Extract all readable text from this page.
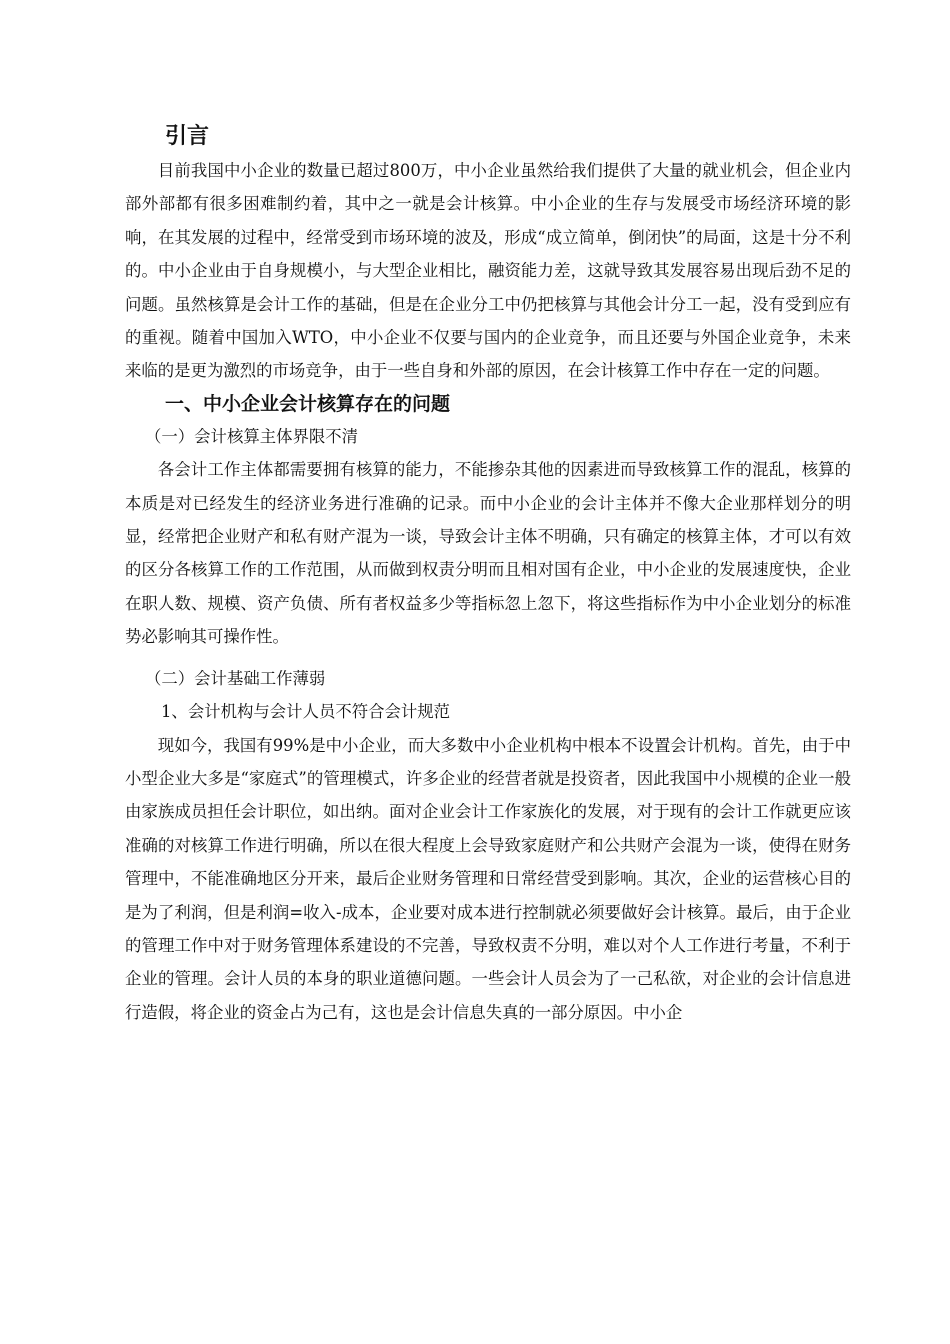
引言

目前我国中小企业的数量已超过800万，中小企业虽然给我们提供了大量的就业机会，但企业内部外部都有很多困难制约着，其中之一就是会计核算。中小企业的生存与发展受市场经济环境的影响，在其发展的过程中，经常受到市场环境的波及，形成“成立简单，倒闭快”的局面，这是十分不利的。中小企业由于自身规模小，与大型企业相比，融资能力差，这就导致其发展容易出现后劲不足的问题。虽然核算是会计工作的基础，但是在企业分工中仍把核算与其他会计分工一起，没有受到应有的重视。随着中国加入WTO，中小企业不仅要与国内的企业竞争，而且还要与外国企业竞争，未来来临的是更为激烈的市场竞争，由于一些自身和外部的原因，在会计核算工作中存在一定的问题。

一、中小企业会计核算存在的问题
（一）会计核算主体界限不清

各会计工作主体都需要拥有核算的能力，不能掺杂其他的因素进而导致核算工作的混乱，核算的本质是对已经发生的经济业务进行准确的记录。而中小企业的会计主体并不像大企业那样划分的明显，经常把企业财产和私有财产混为一谈，导致会计主体不明确，只有确定的核算主体，才可以有效的区分各核算工作的工作范围，从而做到权责分明而且相对国有企业，中小企业的发展速度快，企业在职人数、规模、资产负债、所有者权益多少等指标忽上忽下，将这些指标作为中小企业划分的标准势必影响其可操作性。

（二）会计基础工作薄弱
1、会计机构与会计人员不符合会计规范

现如今，我国有99%是中小企业，而大多数中小企业机构中根本不设置会计机构。首先，由于中小型企业大多是“家庭式”的管理模式，许多企业的经营者就是投资者，因此我国中小规模的企业一般由家族成员担任会计职位，如出纳。面对企业会计工作家族化的发展，对于现有的会计工作就更应该准确的对核算工作进行明确，所以在很大程度上会导致家庭财产和公共财产会混为一谈，使得在财务管理中，不能准确地区分开来，最后企业财务管理和日常经营受到影响。其次，企业的运营核心目的是为了利润，但是利润=收入-成本，企业要对成本进行控制就必须要做好会计核算。最后，由于企业的管理工作中对于财务管理体系建设的不完善，导致权责不分明，难以对个人工作进行考量，不利于企业的管理。会计人员的本身的职业道德问题。一些会计人员会为了一己私欲，对企业的会计信息进行造假，将企业的资金占为己有，这也是会计信息失真的一部分原因。中小企
